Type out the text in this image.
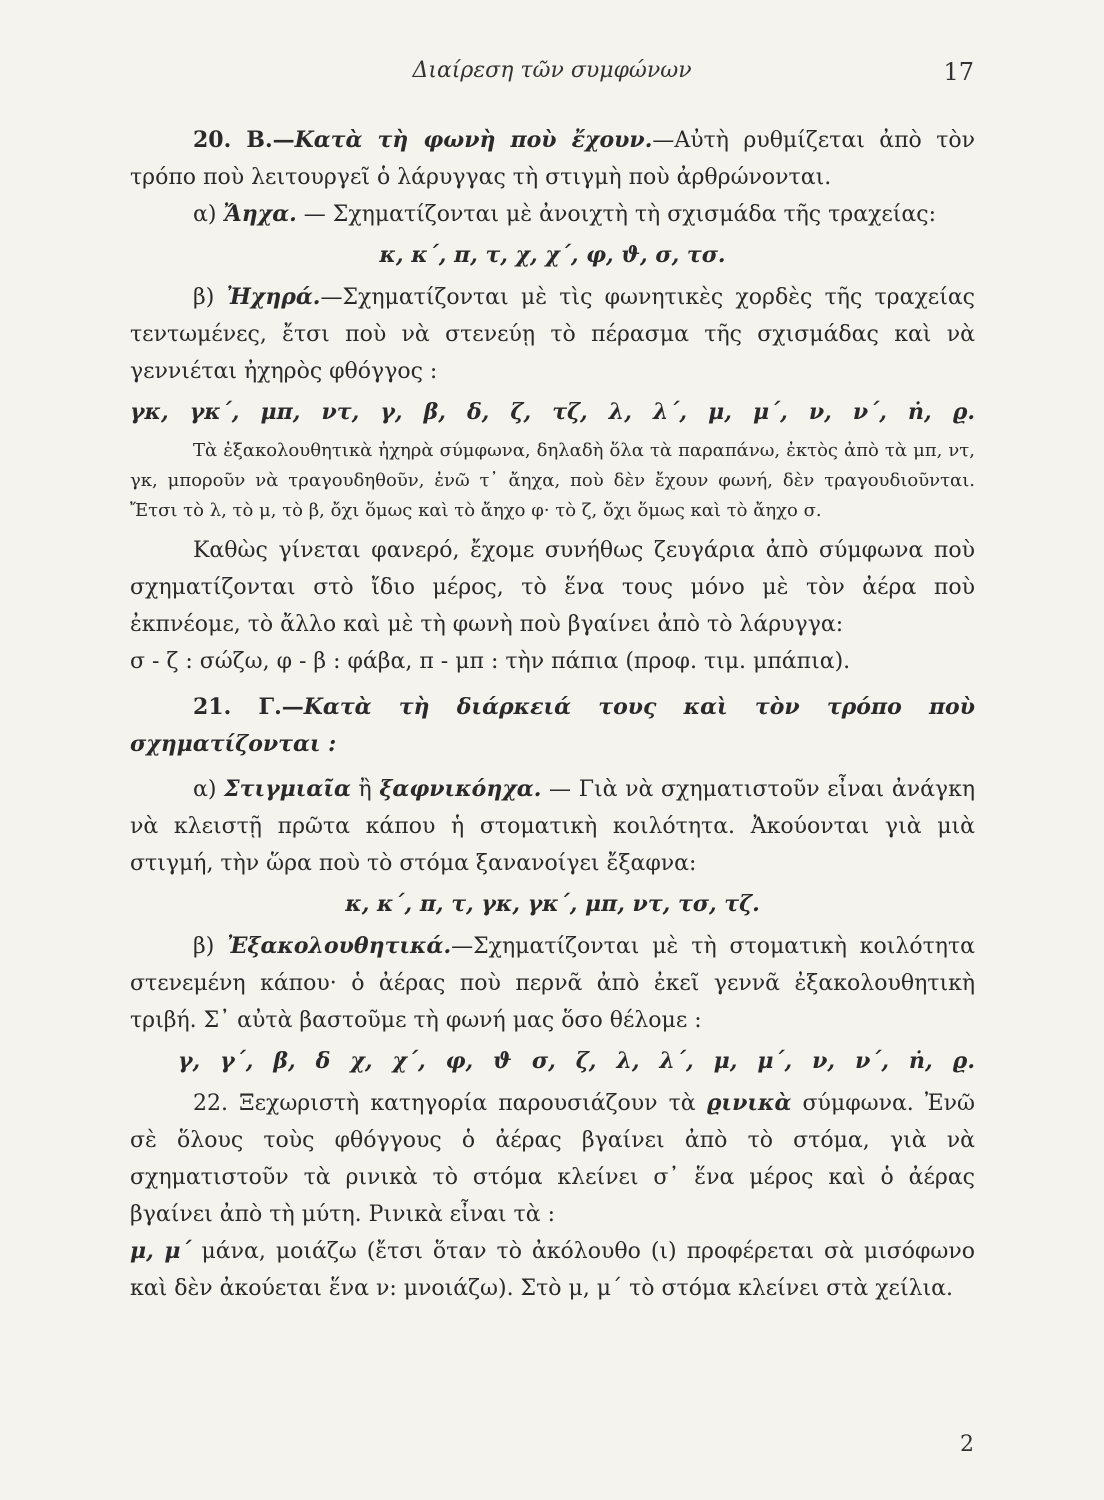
Διαίρεση τῶν συμφώνων	17

20. Β.—Κατὰ τὴ φωνὴ ποὺ ἔχουν.—Αὐτὴ ρυθμίζεται ἀπὸ τὸν τρόπο ποὺ λειτουργεῖ ὁ λάρυγγας τὴ στιγμὴ ποὺ ἀρθρώνονται.

α) Ἄηχα. — Σχηματίζονται μὲ ἀνοιχτὴ τὴ σχισμάδα τῆς τραχείας:

κ, κ΄, π, τ, χ, χ΄, φ, ϑ, σ, τσ.

β) Ἠχηρά.—Σχηματίζονται μὲ τὶς φωνητικὲς χορδὲς τῆς τραχείας τεντωμένες, ἔτσι ποὺ νὰ στενεύῃ τὸ πέρασμα τῆς σχισμάδας καὶ νὰ γεννιέται ἠχηρὸς φθόγγος :

γκ, γκ΄, μπ, ντ, γ, β, δ, ζ, τζ, λ, λ΄, μ, μ΄, ν, ν΄, ṅ, ϱ.

Τὰ ἐξακολουθητικὰ ἠχηρὰ σύμφωνα, δηλαδὴ ὅλα τὰ παραπάνω, ἐκτὸς ἀπὸ τὰ μπ, ντ, γκ, μποροῦν νὰ τραγουδηθοῦν, ἐνῶ τ᾽ ἄηχα, ποὺ δὲν ἔχουν φωνή, δὲν τραγουδιοῦνται. Ἔτσι τὸ λ, τὸ μ, τὸ β, ὄχι ὅμως καὶ τὸ ἄηχο φ· τὸ ζ, ὄχι ὅμως καὶ τὸ ἄηχο σ.

Καθὼς γίνεται φανερό, ἔχομε συνήθως ζευγάρια ἀπὸ σύμφωνα ποὺ σχηματίζονται στὸ ἴδιο μέρος, τὸ ἕνα τους μόνο μὲ τὸν ἀέρα ποὺ ἐκπνέομε, τὸ ἄλλο καὶ μὲ τὴ φωνὴ ποὺ βγαίνει ἀπὸ τὸ λάρυγγα:

σ - ζ : σώζω, φ - β : φάβα, π - μπ : τὴν πάπια (προφ. τιμ. μπάπια).

21. Γ.—Κατὰ τὴ διάρκειά τους καὶ τὸν τρόπο ποὺ σχηματίζονται :

α) Στιγμιαῖα ἢ ξαφνικόηχα. — Γιὰ νὰ σχηματιστοῦν εἶναι ἀνάγκη νὰ κλειστῇ πρῶτα κάπου ἡ στοματικὴ κοιλότητα. Ἀκούονται γιὰ μιὰ στιγμή, τὴν ὥρα ποὺ τὸ στόμα ξανανοίγει ἔξαφνα:

κ, κ΄, π, τ, γκ, γκ΄, μπ, ντ, τσ, τζ.

β) Ἐξακολουθητικά.—Σχηματίζονται μὲ τὴ στοματικὴ κοιλότητα στενεμένη κάπου· ὁ ἀέρας ποὺ περνᾶ ἀπὸ ἐκεῖ γεννᾶ ἐξακολουθητικὴ τριβή. Σ᾽ αὐτὰ βαστοῦμε τὴ φωνή μας ὅσο θέλομε :

γ, γ΄, β, δ χ, χ΄, φ, ϑ σ, ζ, λ, λ΄, μ, μ΄, ν, ν΄, ṅ, ϱ.

22. Ξεχωριστὴ κατηγορία παρουσιάζουν τὰ ϱινικὰ σύμφωνα. Ἐνῶ σὲ ὅλους τοὺς φθόγγους ὁ ἀέρας βγαίνει ἀπὸ τὸ στόμα, γιὰ νὰ σχηματιστοῦν τὰ ρινικὰ τὸ στόμα κλείνει σ᾽ ἕνα μέρος καὶ ὁ ἀέρας βγαίνει ἀπὸ τὴ μύτη. Ρινικὰ εἶναι τὰ :

μ, μ΄ μάνα, μοιάζω (ἔτσι ὅταν τὸ ἀκόλουθο (ι) προφέρεται σὰ μισόφωνο καὶ δὲν ἀκούεται ἕνα ν: μνοιάζω). Στὸ μ, μ΄ τὸ στόμα κλείνει στὰ χείλια.

2
